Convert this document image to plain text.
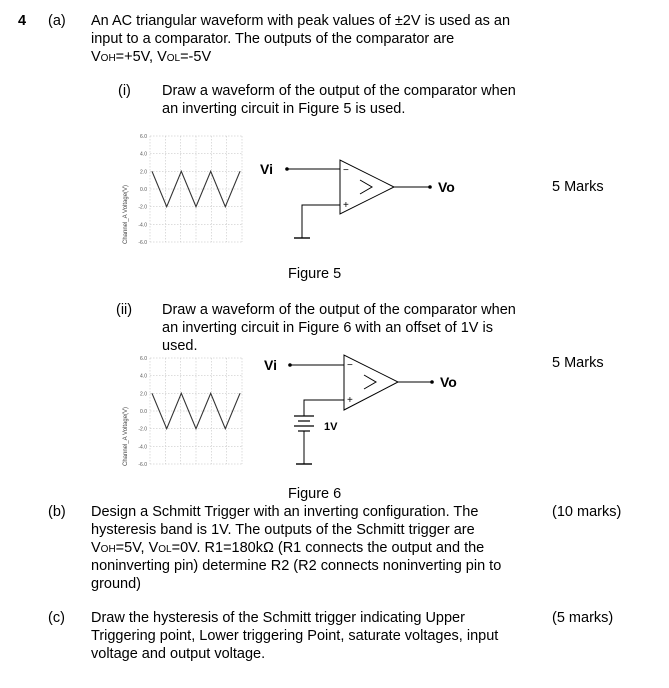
4 (a) An AC triangular waveform with peak values of ±2V is used as an
input to a comparator. The outputs of the comparator are
VOH=+5V, VOL=-5V
(i) Draw a waveform of the output of the comparator when
an inverting circuit in Figure 5 is used.
5 Marks
Channel_A Voltage(V)
6.0
4.0
2.0
0.0
-2.0
-4.0
-6.0
Vi	−
+
Vo
Figure 5
(ii) Draw a waveform of the output of the comparator when
an inverting circuit in Figure 6 with an offset of 1V is
used.
5 Marks
Channel_A Voltage(V)
6.0
4.0
2.0
0.0
-2.0
-4.0
-6.0
Vi	−
+
Vo
1V
Figure 6
(b)	(10 marks)
Design a Schmitt Trigger with an inverting configuration. The
hysteresis band is 1V. The outputs of the Schmitt trigger are
VOH=5V, VOL=0V. R1=180kΩ (R1 connects the output and the
noninverting pin) determine R2 (R2 connects noninverting pin to
ground)
(c)	(5 marks)
Draw the hysteresis of the Schmitt trigger indicating Upper
Triggering point, Lower triggering Point, saturate voltages, input
voltage and output voltage.
